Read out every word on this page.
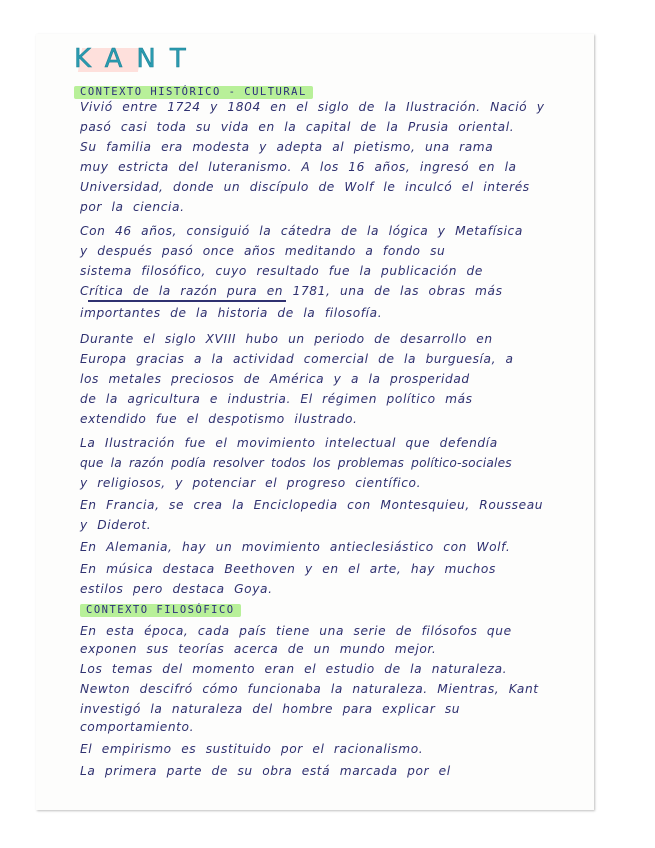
KANT
CONTEXTO HISTÓRICO - CULTURAL
Vivió entre 1724 y 1804 en el siglo de la Ilustración. Nació y
pasó casi toda su vida en la capital de la Prusia oriental.
Su familia era modesta y adepta al pietismo, una rama
muy estricta del luteranismo. A los 16 años, ingresó en la
Universidad, donde un discípulo de Wolf le inculcó el interés
por la ciencia.
Con 46 años, consiguió la cátedra de la lógica y Metafísica
y después pasó once años meditando a fondo su
sistema filosófico, cuyo resultado fue la publicación de
Crítica de la razón pura en 1781, una de las obras más
importantes de la historia de la filosofía.
Durante el siglo XVIII hubo un periodo de desarrollo en
Europa gracias a la actividad comercial de la burguesía, a
los metales preciosos de América y a la prosperidad
de la agricultura e industria. El régimen político más
extendido fue el despotismo ilustrado.
La Ilustración fue el movimiento intelectual que defendía
que la razón podía resolver todos los problemas político-sociales
y religiosos, y potenciar el progreso científico.
En Francia, se crea la Enciclopedia con Montesquieu, Rousseau
y Diderot.
En Alemania, hay un movimiento antieclesiástico con Wolf.
En música destaca Beethoven y en el arte, hay muchos
estilos pero destaca Goya.
CONTEXTO FILOSÓFICO
En esta época, cada país tiene una serie de filósofos que
exponen sus teorías acerca de un mundo mejor.
Los temas del momento eran el estudio de la naturaleza.
Newton descifró cómo funcionaba la naturaleza. Mientras, Kant
investigó la naturaleza del hombre para explicar su
comportamiento.
El empirismo es sustituido por el racionalismo.
La primera parte de su obra está marcada por el
